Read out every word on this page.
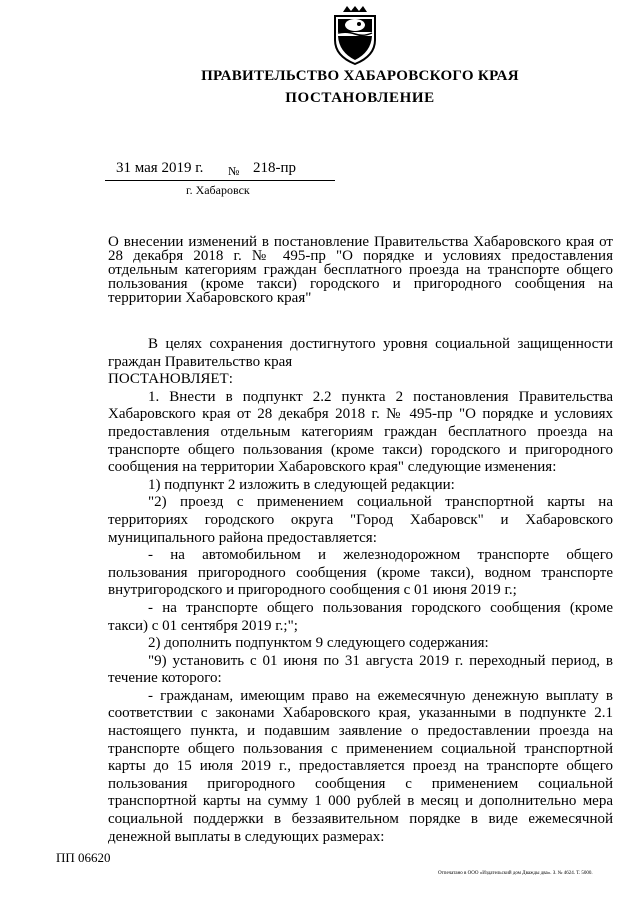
ПРАВИТЕЛЬСТВО ХАБАРОВСКОГО КРАЯ
ПОСТАНОВЛЕНИЕ
31 мая 2019 г. № 218-пр
г. Хабаровск
О внесении изменений в постановление Правительства Хабаровского края от 28 декабря 2018 г. № 495-пр "О порядке и условиях предоставления отдельным категориям граждан бесплатного проезда на транспорте общего пользования (кроме такси) городского и пригородного сообщения на территории Хабаровского края"

В целях сохранения достигнутого уровня социальной защищенности граждан Правительство края

ПОСТАНОВЛЯЕТ:

1. Внести в подпункт 2.2 пункта 2 постановления Правительства Хабаровского края от 28 декабря 2018 г. № 495-пр "О порядке и условиях предоставления отдельным категориям граждан бесплатного проезда на транспорте общего пользования (кроме такси) городского и пригородного сообщения на территории Хабаровского края" следующие изменения:

1) подпункт 2 изложить в следующей редакции:

"2) проезд с применением социальной транспортной карты на территориях городского округа "Город Хабаровск" и Хабаровского муниципального района предоставляется:

- на автомобильном и железнодорожном транспорте общего пользования пригородного сообщения (кроме такси), водном транспорте внутригородского и пригородного сообщения с 01 июня 2019 г.;

- на транспорте общего пользования городского сообщения (кроме такси) с 01 сентября 2019 г.;";

2) дополнить подпунктом 9 следующего содержания:

"9) установить с 01 июня по 31 августа 2019 г. переходный период, в течение которого:

- гражданам, имеющим право на ежемесячную денежную выплату в соответствии с законами Хабаровского края, указанными в подпункте 2.1 настоящего пункта, и подавшим заявление о предоставлении проезда на транспорте общего пользования с применением социальной транспортной карты до 15 июля 2019 г., предоставляется проезд на транспорте общего пользования пригородного сообщения с применением социальной транспортной карты на сумму 1 000 рублей в месяц и дополнительно мера социальной поддержки в беззаявительном порядке в виде ежемесячной денежной выплаты в следующих размерах:

ПП 06620
Отпечатано в ООО «Издательский дом Дважды два». З. № 4624. Т. 5000.
